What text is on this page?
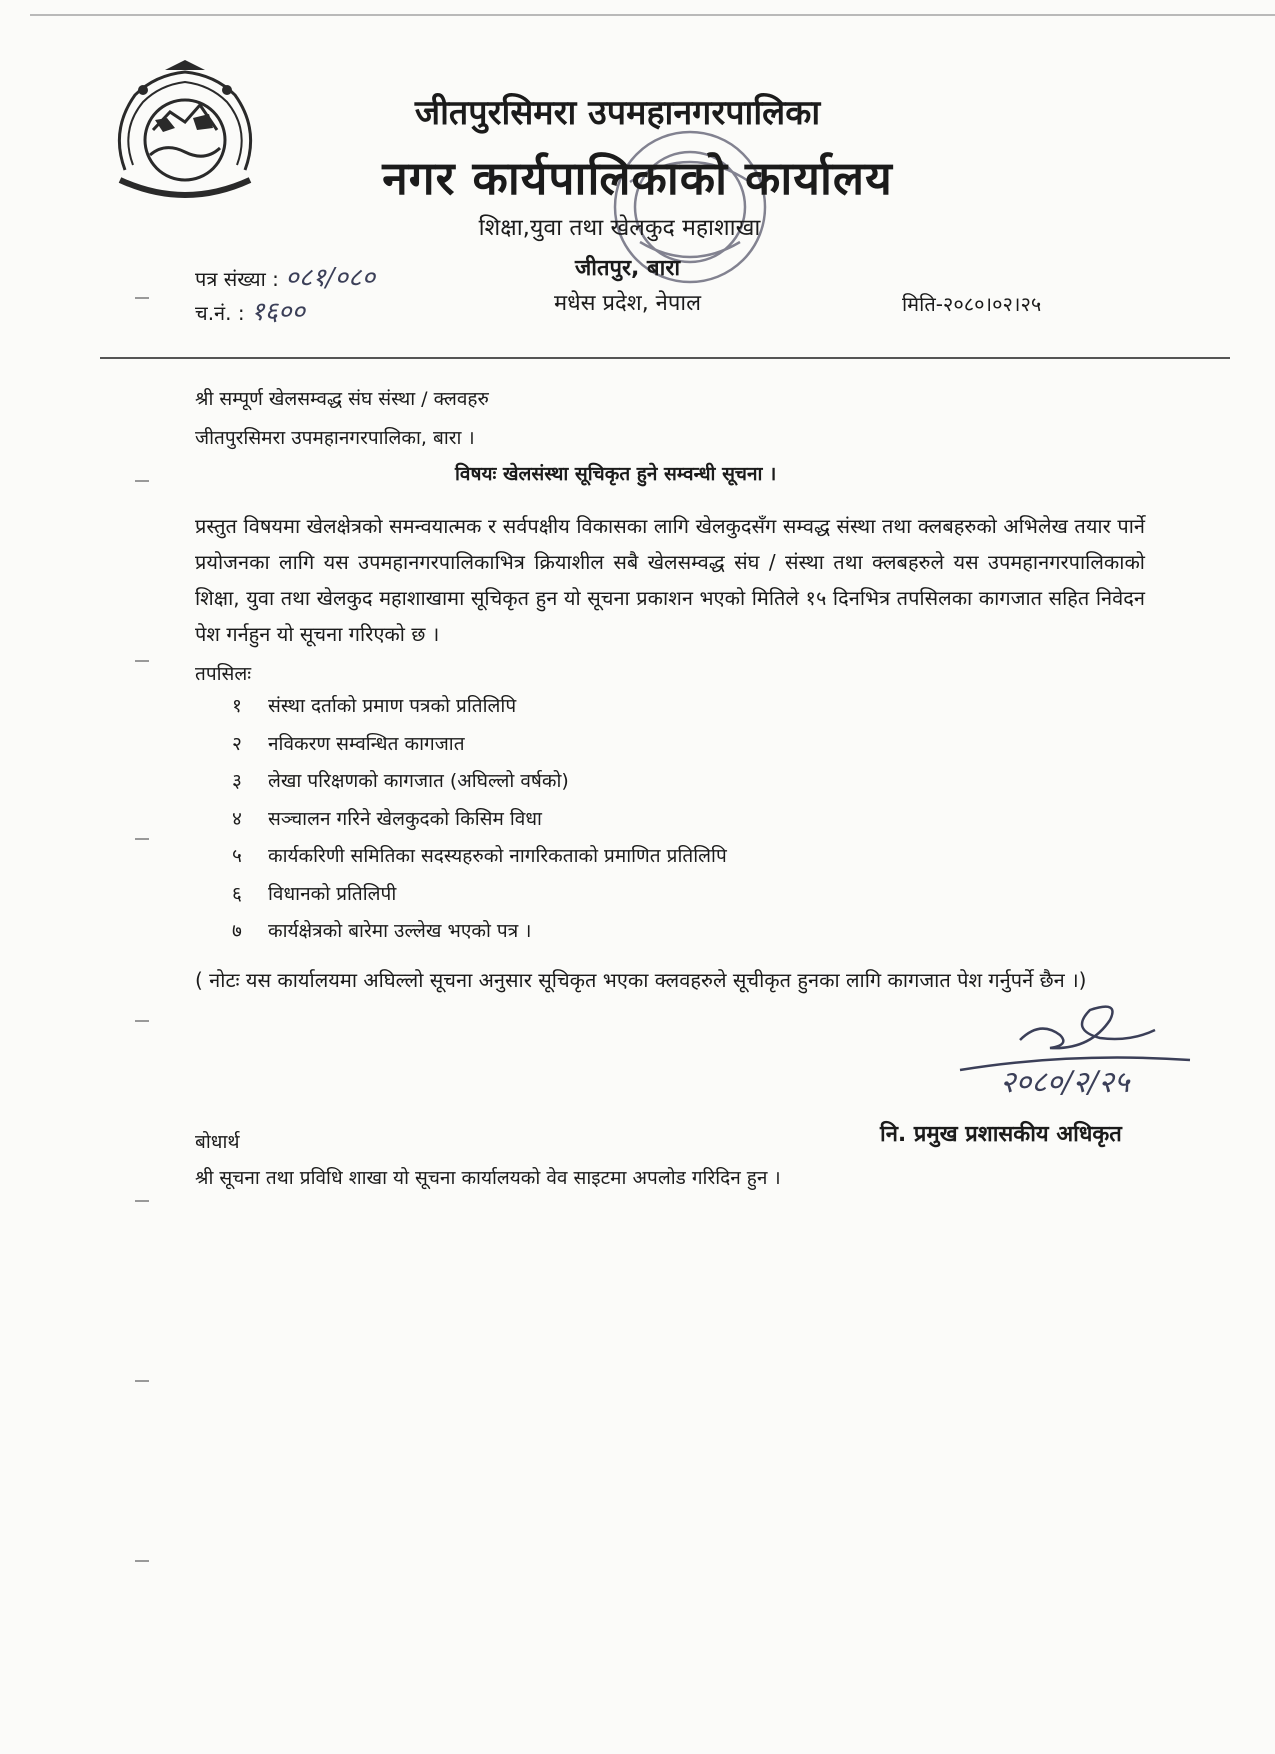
जीतपुरसिमरा उपमहानगरपालिका
नगर कार्यपालिकाको कार्यालय
शिक्षा,युवा तथा खेलकुद महाशाखा
जीतपुर, बारा
मधेस प्रदेश, नेपाल
पत्र संख्या : ०८१/०८०
च.नं. : १६००	मिति-२०८०।०२।२५
श्री सम्पूर्ण खेलसम्वद्ध संघ संस्था / क्लवहरु
जीतपुरसिमरा उपमहानगरपालिका, बारा ।
विषयः खेलसंस्था सूचिकृत हुने सम्वन्धी सूचना ।
प्रस्तुत विषयमा खेलक्षेत्रको समन्वयात्मक र सर्वपक्षीय विकासका लागि खेलकुदसँग सम्वद्ध संस्था तथा क्लबहरुको अभिलेख तयार पार्ने प्रयोजनका लागि यस उपमहानगरपालिकाभित्र क्रियाशील सबै खेलसम्वद्ध संघ / संस्था तथा क्लबहरुले यस उपमहानगरपालिकाको शिक्षा, युवा तथा खेलकुद महाशाखामा सूचिकृत हुन यो सूचना प्रकाशन भएको मितिले १५ दिनभित्र तपसिलका कागजात सहित निवेदन पेश गर्नहुन यो सूचना गरिएको छ ।
तपसिलः
१	संस्था दर्ताको प्रमाण पत्रको प्रतिलिपि
२	नविकरण सम्वन्धित कागजात
३	लेखा परिक्षणको कागजात (अघिल्लो वर्षको)
४	सञ्चालन गरिने खेलकुदको किसिम विधा
५	कार्यकरिणी समितिका सदस्यहरुको नागरिकताको प्रमाणित प्रतिलिपि
६	विधानको प्रतिलिपी
७	कार्यक्षेत्रको बारेमा उल्लेख भएको पत्र ।
( नोटः यस कार्यालयमा अघिल्लो सूचना अनुसार सूचिकृत भएका क्लवहरुले सूचीकृत हुनका लागि कागजात पेश गर्नुपर्ने छैन ।)
२०८०/२/२५
नि. प्रमुख प्रशासकीय अधिकृत
बोधार्थ
श्री सूचना तथा प्रविधि शाखा यो सूचना कार्यालयको वेव साइटमा अपलोड गरिदिन हुन ।
